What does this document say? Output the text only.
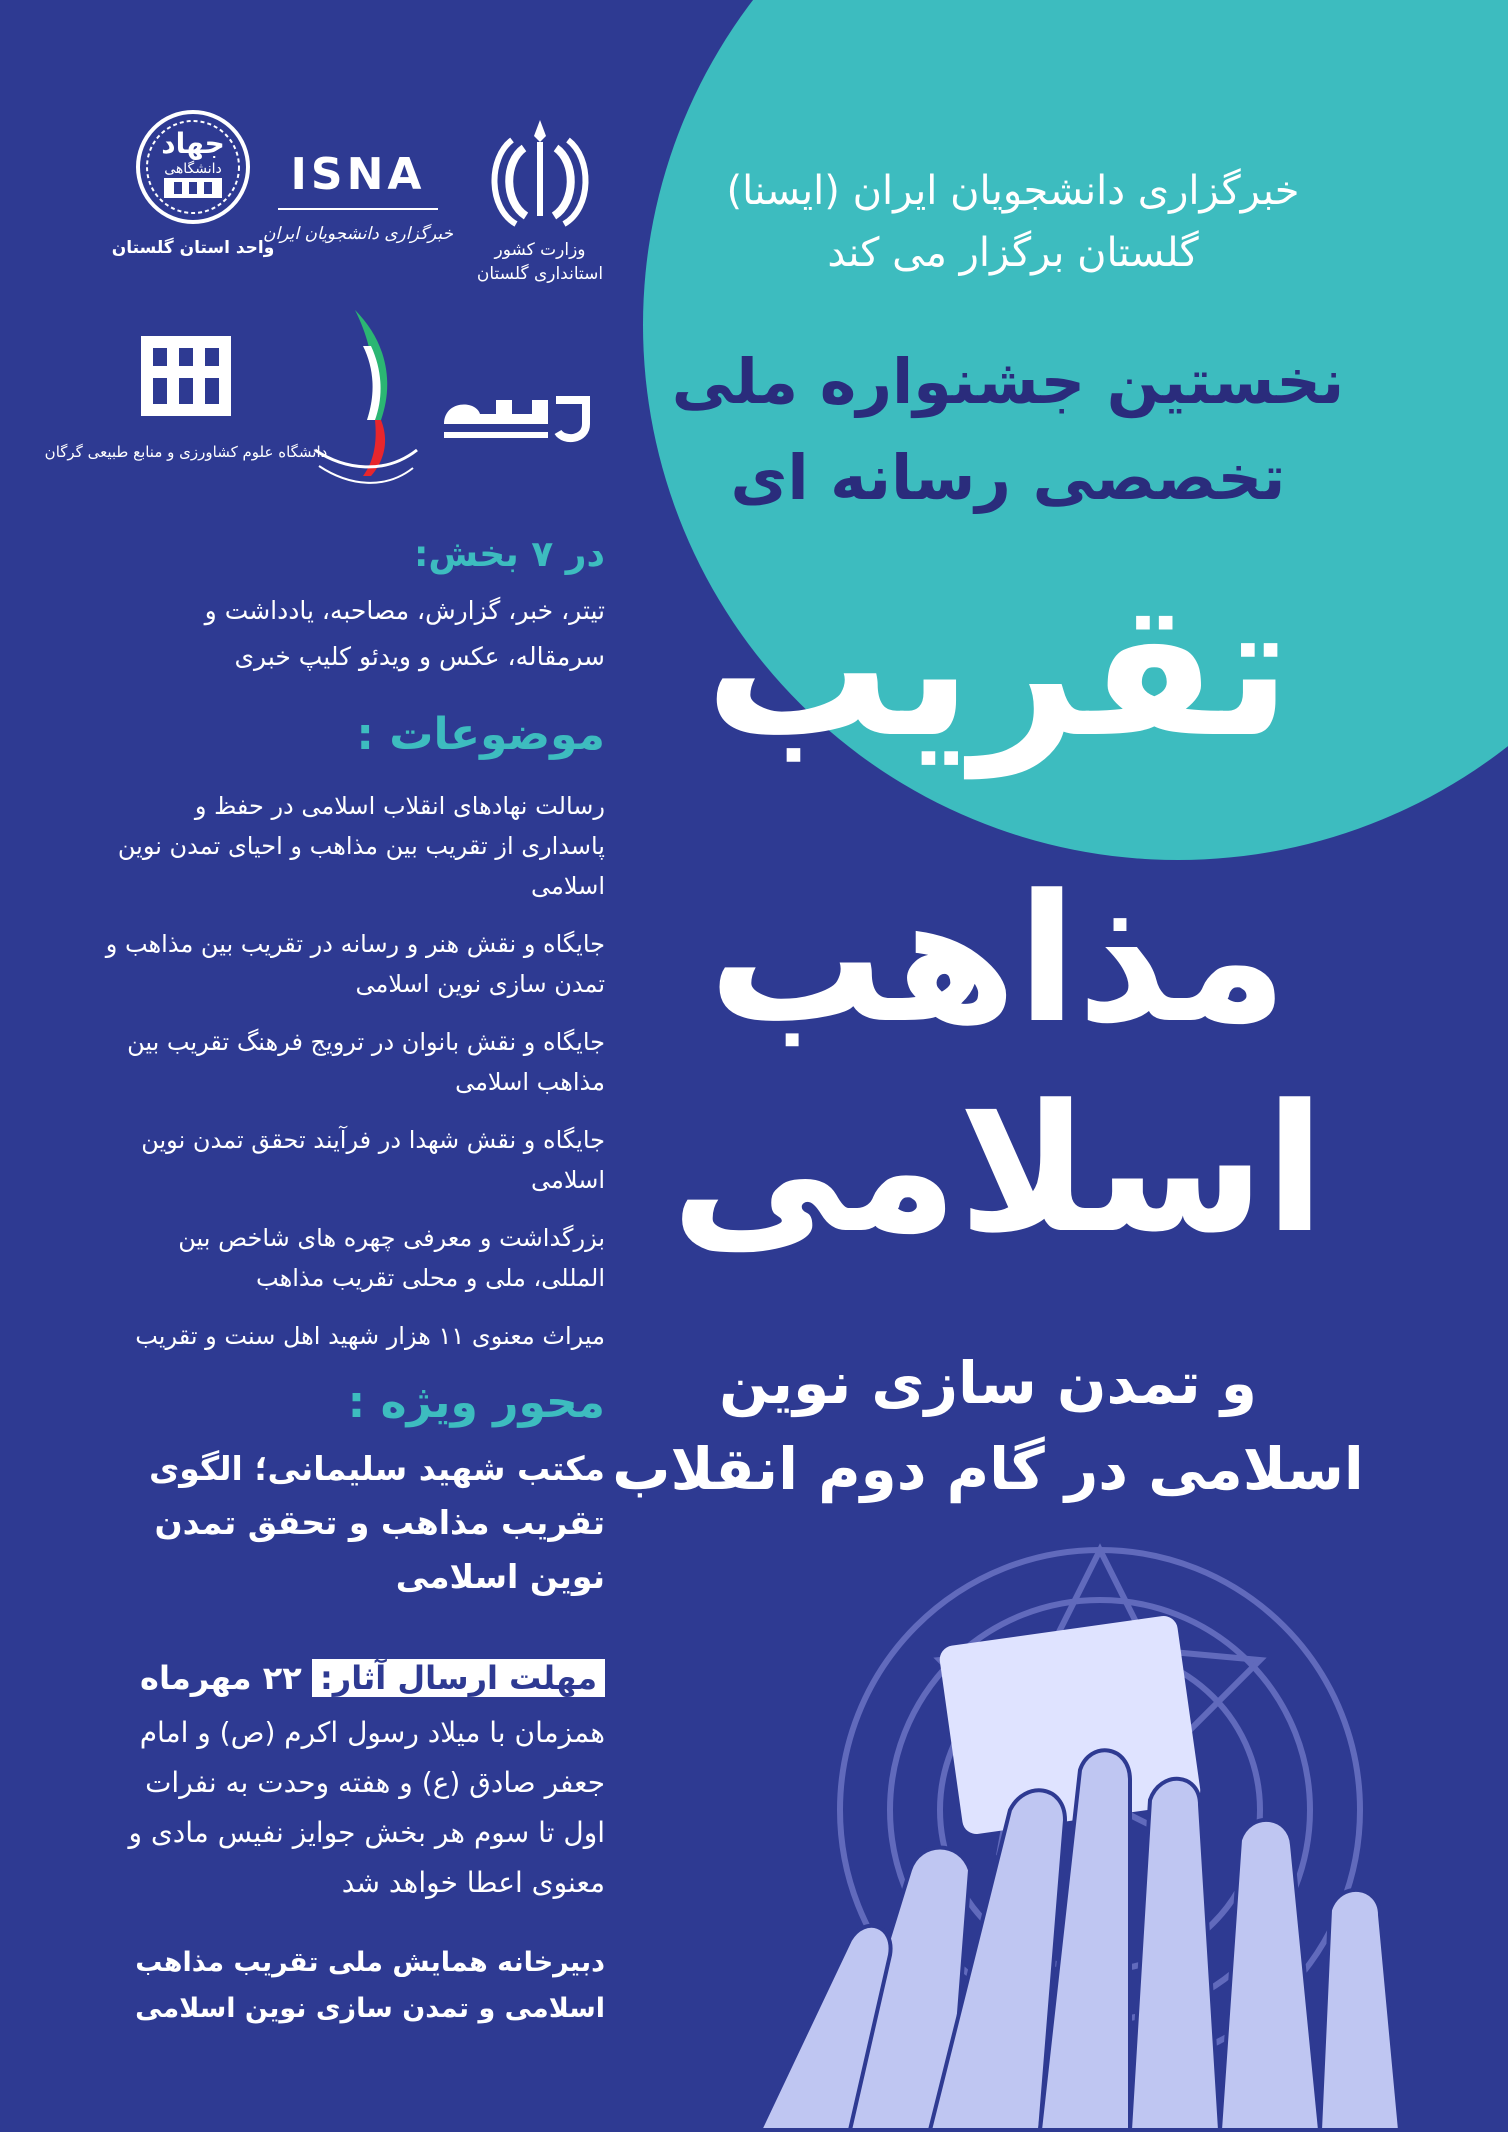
جهاد
دانشگاهی
واحد استان گلستان
ISNA
خبرگزاری دانشجویان ایران
وزارت کشور
استانداری گلستان
دانشگاه علوم کشاورزی و منابع طبیعی گرگان
خبرگزاری دانشجویان ایران (ایسنا)
گلستان برگزار می کند
نخستین جشنواره ملی
تخصصی رسانه ای
تقریب
مذاهب
اسلامی
و تمدن سازی نوین
اسلامی در گام دوم انقلاب
در ۷ بخش:
تیتر، خبر، گزارش، مصاحبه، یادداشت و سرمقاله، عکس و ویدئو کلیپ خبری
موضوعات :
رسالت نهادهای انقلاب اسلامی در حفظ و پاسداری از تقریب بین مذاهب و احیای تمدن نوین اسلامی
جایگاه و نقش هنر و رسانه در تقریب بین مذاهب و تمدن سازی نوین اسلامی
جایگاه و نقش بانوان در ترویج فرهنگ تقریب بین مذاهب اسلامی
جایگاه و نقش شهدا در فرآیند تحقق تمدن نوین اسلامی
بزرگداشت و معرفی چهره های شاخص بین المللی، ملی و محلی تقریب مذاهب
میراث معنوی ۱۱ هزار شهید اهل سنت و تقریب
محور ویژه :
مکتب شهید سلیمانی؛ الگوی تقریب مذاهب و تحقق تمدن نوین اسلامی
مهلت ارسال آثار: ۲۲ مهرماه
همزمان با میلاد رسول اکرم (ص) و امام جعفر صادق (ع) و هفته وحدت به نفرات اول تا سوم هر بخش جوایز نفیس مادی و معنوی اعطا خواهد شد
دبیرخانه همایش ملی تقریب مذاهب اسلامی و تمدن سازی نوین اسلامی
